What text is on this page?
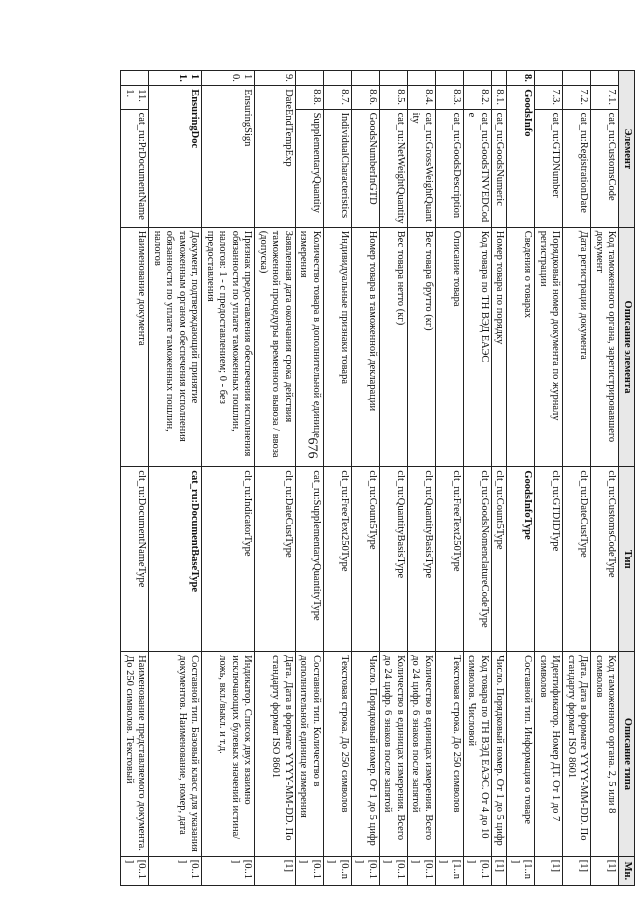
676
Элемент			Описание элемента	Тип	Описание типа	Мн.
	7.1.	cat_ru:CustomsCode	Код таможенного органа, зарегистрировавшего документ	clt_ru:CustomsCodeType	Код таможенного органа. 2, 5 или 8 символов	[1]
	7.2.	cat_ru:RegistrationDate	Дата регистрации документа	clt_ru:DateCustType	Дата. Дата в формате YYYY-MM-DD. По стандарту формат ISO 8601	[1]
	7.3.	cat_ru:GTDNumber	Порядковый номер документа по журналу регистрации	clt_ru:GTDIDType	Идентификатор. Номер ДТ. От 1 до 7 символов	[1]
8.	GoodsInfo		Сведения о товарах	GoodsInfoType	Составной тип. Информация о товаре	[1..n]
	8.1.	cat_ru:GoodsNumeric	Номер товара по порядку	clt_ru:Count5Type	Число. Порядковый номер. От 1 до 5 цифр	[1]
	8.2.	cat_ru:GoodsTNVEDCode	Код товара по ТН ВЭД ЕАЭС	clt_ru:GoodsNomenclatureCodeType	Код товара по ТН ВЭД ЕАЭС. От 4 до 10 символов. Числовой	[0..1]
	8.3.	cat_ru:GoodsDescription	Описание товара	clt_ru:FreeText250Type	Текстовая строка. До 250 символов	[1..n]
	8.4.	cat_ru:GrossWeightQuantity	Вес товара брутто (кг)	clt_ru:QuantityBasisType	Количество в единицах измерения. Всего до 24 цифр. 6 знаков после запятой	[0..1]
	8.5.	cat_ru:NetWeightQuantity	Вес товара нетто (кг)	clt_ru:QuantityBasisType	Количество в единицах измерения. Всего до 24 цифр. 6 знаков после запятой	[0..1]
	8.6.	GoodsNumberInGTD	Номер товара в таможенной декларации	clt_ru:Count5Type	Число. Порядковый номер. От 1 до 5 цифр	[0..1]
	8.7.	IndividualCharacteristics	Индивидуальные признаки товара	clt_ru:FreeText250Type	Текстовая строка. До 250 символов	[0..n]
	8.8.	SupplementaryQuantity	Количество товара в дополнительной единице измерения	cat_ru:SupplementaryQuantityType	Составной тип. Количество в дополнительной единице измерения	[0..1]
9.	DateEndTempExp		Заявленная дата окончания срока действия таможенной процедуры временного вывоза / ввоза (допуска)	clt_ru:DateCustType	Дата. Дата в формате YYYY-MM-DD. По стандарту формат ISO 8601	[1]
10.	EnsuringSign		Признак предоставления обеспечения исполнения обязанности по уплате таможенных пошлин, налогов: 1 - с предоставлением; 0 - без предоставления	clt_ru:IndicatorType	Индикатор. Список двух взаимно исключающих булевых значений истина/ложь, вкл./выкл. и т.д.	[0..1]
11.	EnsuringDoc		Документ, подтверждающий принятие таможенным органом обеспечения исполнения обязанности по уплате таможенных пошлин, налогов	cat_ru:DocumentBaseType	Составной тип. Базовый класс для указания документов. Наименование, номер, дата	[0..1]
	11.1.	cat_ru:PrDocumentName	Наименование документа	clt_ru:DocumentNameType	Наименование представляемого документа. До 250 символов. Текстовый	[0..1]
